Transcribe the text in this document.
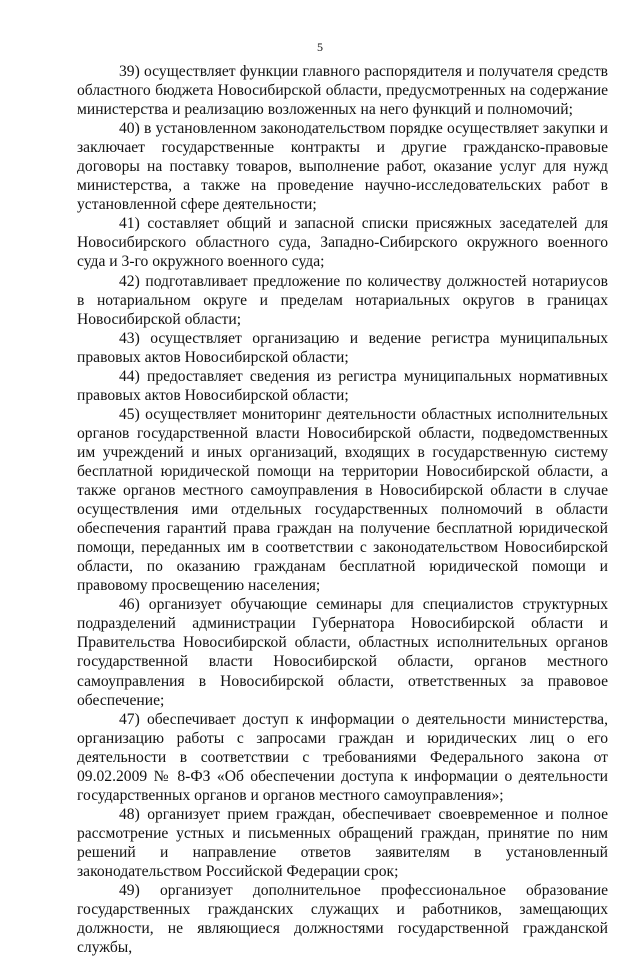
5

39) осуществляет функции главного распорядителя и получателя средств областного бюджета Новосибирской области, предусмотренных на содержание министерства и реализацию возложенных на него функций и полномочий;

40) в установленном законодательством порядке осуществляет закупки и заключает государственные контракты и другие гражданско-правовые договоры на поставку товаров, выполнение работ, оказание услуг для нужд министерства, а также на проведение научно-исследовательских работ в установленной сфере деятельности;

41) составляет общий и запасной списки присяжных заседателей для Новосибирского областного суда, Западно-Сибирского окружного военного суда и 3-го окружного военного суда;

42) подготавливает предложение по количеству должностей нотариусов в нотариальном округе и пределам нотариальных округов в границах Новосибирской области;

43) осуществляет организацию и ведение регистра муниципальных правовых актов Новосибирской области;

44) предоставляет сведения из регистра муниципальных нормативных правовых актов Новосибирской области;

45) осуществляет мониторинг деятельности областных исполнительных органов государственной власти Новосибирской области, подведомственных им учреждений и иных организаций, входящих в государственную систему бесплатной юридической помощи на территории Новосибирской области, а также органов местного самоуправления в Новосибирской области в случае осуществления ими отдельных государственных полномочий в области обеспечения гарантий права граждан на получение бесплатной юридической помощи, переданных им в соответствии с законодательством Новосибирской области, по оказанию гражданам бесплатной юридической помощи и правовому просвещению населения;

46) организует обучающие семинары для специалистов структурных подразделений администрации Губернатора Новосибирской области и Правительства Новосибирской области, областных исполнительных органов государственной власти Новосибирской области, органов местного самоуправления в Новосибирской области, ответственных за правовое обеспечение;

47) обеспечивает доступ к информации о деятельности министерства, организацию работы с запросами граждан и юридических лиц о его деятельности в соответствии с требованиями Федерального закона от 09.02.2009 № 8-ФЗ «Об обеспечении доступа к информации о деятельности государственных органов и органов местного самоуправления»;

48) организует прием граждан, обеспечивает своевременное и полное рассмотрение устных и письменных обращений граждан, принятие по ним решений и направление ответов заявителям в установленный законодательством Российской Федерации срок;

49) организует дополнительное профессиональное образование государственных гражданских служащих и работников, замещающих должности, не являющиеся должностями государственной гражданской службы,
